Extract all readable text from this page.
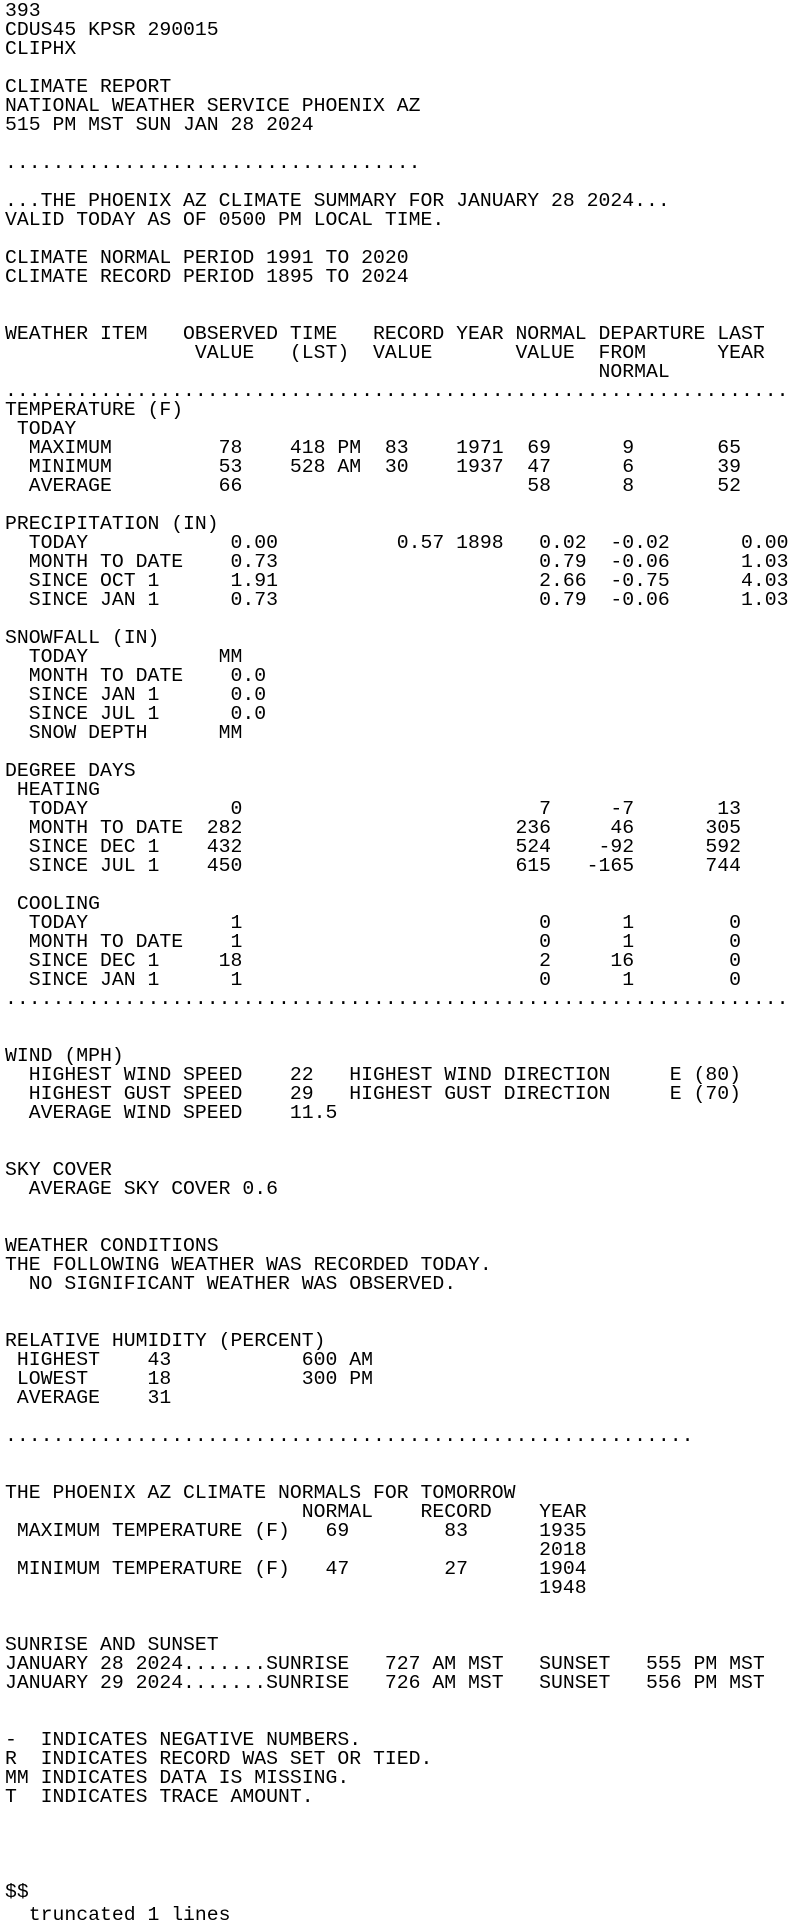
393
CDUS45 KPSR 290015
CLIPHX
CLIMATE REPORT
NATIONAL WEATHER SERVICE PHOENIX AZ
515 PM MST SUN JAN 28 2024
...................................
...THE PHOENIX AZ CLIMATE SUMMARY FOR JANUARY 28 2024...
VALID TODAY AS OF 0500 PM LOCAL TIME.
CLIMATE NORMAL PERIOD 1991 TO 2020
CLIMATE RECORD PERIOD 1895 TO 2024
WEATHER ITEM   OBSERVED TIME   RECORD YEAR NORMAL DEPARTURE LAST
VALUE   (LST)  VALUE       VALUE  FROM      YEAR
NORMAL
..................................................................
TEMPERATURE (F)
TODAY
MAXIMUM         78    418 PM  83    1971  69      9       65
MINIMUM         53    528 AM  30    1937  47      6       39
AVERAGE         66                        58      8       52
PRECIPITATION (IN)
TODAY            0.00          0.57 1898   0.02  -0.02      0.00
MONTH TO DATE    0.73                      0.79  -0.06      1.03
SINCE OCT 1      1.91                      2.66  -0.75      4.03
SINCE JAN 1      0.73                      0.79  -0.06      1.03
SNOWFALL (IN)
TODAY           MM
MONTH TO DATE    0.0
SINCE JAN 1      0.0
SINCE JUL 1      0.0
SNOW DEPTH      MM
DEGREE DAYS
HEATING
TODAY            0                         7     -7       13
MONTH TO DATE  282                       236     46      305
SINCE DEC 1    432                       524    -92      592
SINCE JUL 1    450                       615   -165      744
COOLING
TODAY            1                         0      1        0
MONTH TO DATE    1                         0      1        0
SINCE DEC 1     18                         2     16        0
SINCE JAN 1      1                         0      1        0
..................................................................
WIND (MPH)
HIGHEST WIND SPEED    22   HIGHEST WIND DIRECTION     E (80)
HIGHEST GUST SPEED    29   HIGHEST GUST DIRECTION     E (70)
AVERAGE WIND SPEED    11.5
SKY COVER
AVERAGE SKY COVER 0.6
WEATHER CONDITIONS
THE FOLLOWING WEATHER WAS RECORDED TODAY.
NO SIGNIFICANT WEATHER WAS OBSERVED.
RELATIVE HUMIDITY (PERCENT)
HIGHEST    43           600 AM
LOWEST     18           300 PM
AVERAGE    31
..........................................................
THE PHOENIX AZ CLIMATE NORMALS FOR TOMORROW
NORMAL    RECORD    YEAR
MAXIMUM TEMPERATURE (F)   69        83      1935
2018
MINIMUM TEMPERATURE (F)   47        27      1904
1948
SUNRISE AND SUNSET
JANUARY 28 2024.......SUNRISE   727 AM MST   SUNSET   555 PM MST
JANUARY 29 2024.......SUNRISE   726 AM MST   SUNSET   556 PM MST
-  INDICATES NEGATIVE NUMBERS.
R  INDICATES RECORD WAS SET OR TIED.
MM INDICATES DATA IS MISSING.
T  INDICATES TRACE AMOUNT.
$$
truncated 1 lines
